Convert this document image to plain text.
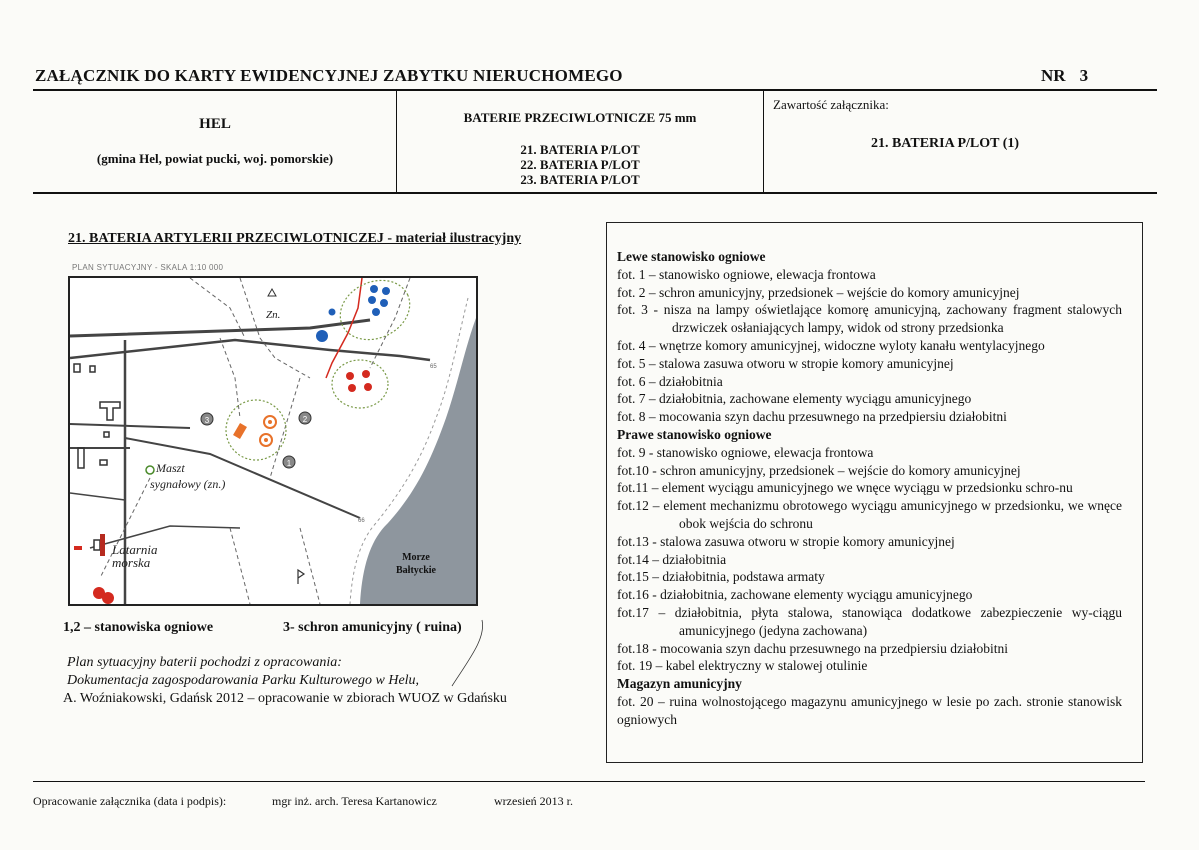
ZAŁĄCZNIK DO KARTY EWIDENCYJNEJ ZABYTKU NIERUCHOMEGO	NR 3
HEL
(gmina Hel, powiat pucki, woj. pomorskie)
BATERIE PRZECIWLOTNICZE 75 mm
21. BATERIA P/LOT
22. BATERIA P/LOT
23. BATERIA P/LOT
Zawartość załącznika:
21. BATERIA P/LOT (1)
21. BATERIA ARTYLERII PRZECIWLOTNICZEJ - materiał ilustracyjny
PLAN SYTUACYJNY - SKALA 1:10 000
Zn.
Maszt
sygnałowy (zn.)
Latarnia
morska	Morze
Bałtyckie
3	2
1
65
66
1,2 – stanowiska ogniowe	3- schron amunicyjny ( ruina)
Plan sytuacyjny baterii pochodzi z opracowania:
Dokumentacja zagospodarowania Parku Kulturowego w Helu,
A. Woźniakowski, Gdańsk 2012 – opracowanie w zbiorach WUOZ w Gdańsku
Lewe stanowisko ogniowe
fot. 1 – stanowisko ogniowe, elewacja frontowa
fot. 2 – schron amunicyjny, przedsionek – wejście do komory amunicyjnej
fot. 3 - nisza na lampy oświetlające komorę amunicyjną, zachowany fragment stalowych drzwiczek osłaniających lampy, widok od strony przedsionka
fot. 4 – wnętrze komory amunicyjnej, widoczne wyloty kanału wentylacyjnego
fot. 5 – stalowa zasuwa otworu w stropie komory amunicyjnej
fot. 6 – działobitnia
fot. 7 – działobitnia, zachowane elementy wyciągu amunicyjnego
fot. 8 – mocowania szyn dachu przesuwnego na przedpiersiu działobitni
Prawe stanowisko ogniowe
fot. 9 - stanowisko ogniowe, elewacja frontowa
fot.10 - schron amunicyjny, przedsionek – wejście do komory amunicyjnej
fot.11 – element wyciągu amunicyjnego we wnęce wyciągu w przedsionku schro-nu
fot.12 – element mechanizmu obrotowego wyciągu amunicyjnego w przedsionku, we wnęce obok wejścia do schronu
fot.13 - stalowa zasuwa otworu w stropie komory amunicyjnej
fot.14 – działobitnia
fot.15 – działobitnia, podstawa armaty
fot.16 - działobitnia, zachowane elementy wyciągu amunicyjnego
fot.17 – działobitnia, płyta stalowa, stanowiąca dodatkowe zabezpieczenie wy-ciągu amunicyjnego (jedyna zachowana)
fot.18 - mocowania szyn dachu przesuwnego na przedpiersiu działobitni
fot. 19 – kabel elektryczny w stalowej otulinie
Magazyn amunicyjny
fot. 20 – ruina wolnostojącego magazynu amunicyjnego w lesie po zach. stronie stanowisk ogniowych
Opracowanie załącznika (data i podpis):	mgr inż. arch. Teresa Kartanowicz	wrzesień 2013 r.
